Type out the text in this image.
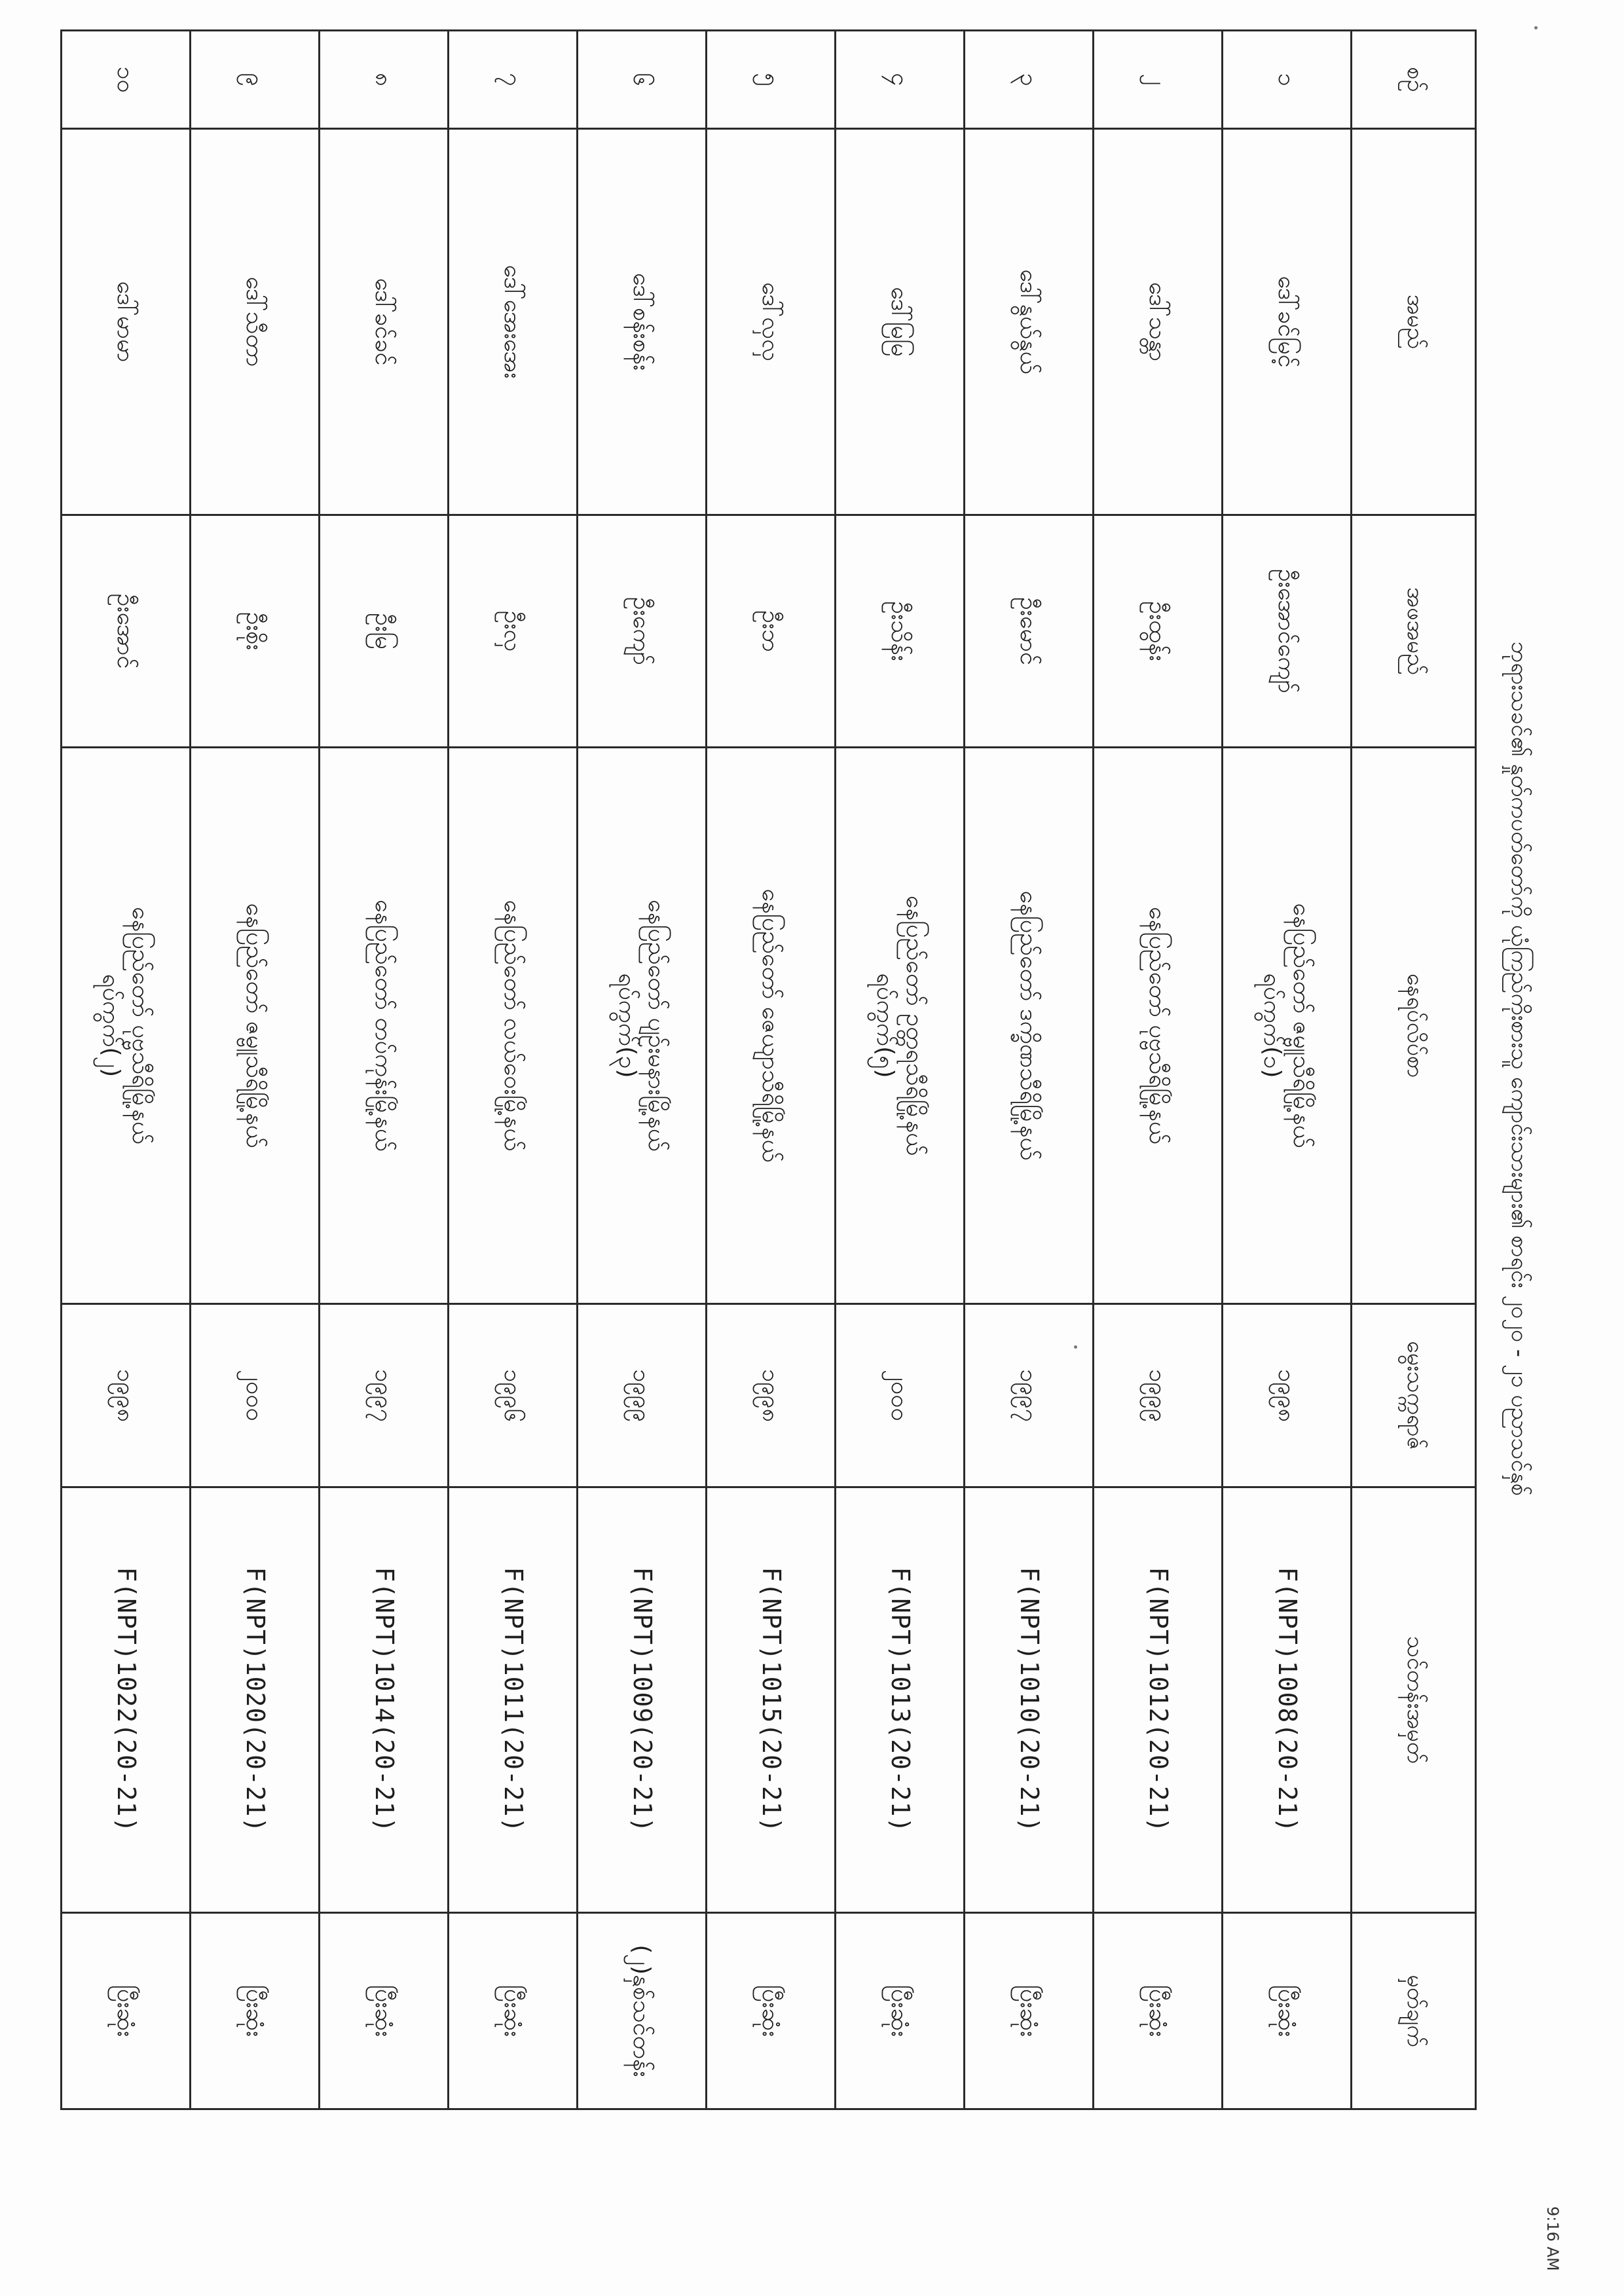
ဘုရားသခင်၏ နှုတ်ကပတ်တော်ကို ယုံကြည်ကိုးစားသူ ကျောင်းသားများ၏ စာရင်း ၂၀၂၀ - ၂၁ ပညာသင်နှစ်
စဉ်	အမည်	အဖအမည်	နေရပ်လိပ်စာ	မွေးသက္ကရာဇ်	သင်တန်းအမှတ်	မှတ်ချက်
၁	ဒေါ်ခင်မြင့်	ဦးအောင်ကျော်	နေပြည်တော် ဇမ္ဗူသီရိမြို့နယ်
ရပ်ကွက်(၁)	၁၉၉၈	F(NPT)1008(20-21)	ပြီးဆုံး
၂	ဒေါ်သန္တာ	ဦးထွန်း	နေပြည်တော် ပုဗ္ဗသီရိမြို့နယ်	၁၉၉၉	F(NPT)1012(20-21)	ပြီးဆုံး
၃	ဒေါ်နွယ်နွယ်	ဦးမောင်	နေပြည်တော် ဒက္ခိဏသီရိမြို့နယ်	၁၉၉၇	F(NPT)1010(20-21)	ပြီးဆုံး
၄	ဒေါ်မြမြ	ဦးသိန်း	နေပြည်တော် ဥတ္တရသီရိမြို့နယ်
ရပ်ကွက်(၅)	၂၀၀၀	F(NPT)1013(20-21)	ပြီးဆုံး
၅	ဒေါ်လှလှ	ဦးဘ	နေပြည်တော် ဇေယျာသီရိမြို့နယ်	၁၉၉၈	F(NPT)1015(20-21)	ပြီးဆုံး
၆	ဒေါ်စန်းစန်း	ဦးကျော်	နေပြည်တော် ပျဉ်းမနားမြို့နယ်
ရပ်ကွက်(၃)	၁၉၉၉	F(NPT)1009(20-21)	(၂)နှစ်သင်တန်း
၇	ဒေါ်အေးအေး	ဦးလှ	နေပြည်တော် လယ်ဝေးမြို့နယ်	၁၉၉၆	F(NPT)1011(20-21)	ပြီးဆုံး
၈	ဒေါ်ခင်ခင်	ဦးမြ	နေပြည်တော် တပ်ကုန်းမြို့နယ်	၁၉၉၇	F(NPT)1014(20-21)	ပြီးဆုံး
၉	ဒေါ်သီတာ	ဦးစိုး	နေပြည်တော် ဇမ္ဗူသီရိမြို့နယ်	၂၀၀၀	F(NPT)1020(20-21)	ပြီးဆုံး
၁၀	ဒေါ်မာမာ	ဦးအောင်	နေပြည်တော် ပုဗ္ဗသီရိမြို့နယ်
ရပ်ကွက်(၂)	၁၉၉၈	F(NPT)1022(20-21)	ပြီးဆုံး
9:16 AM
